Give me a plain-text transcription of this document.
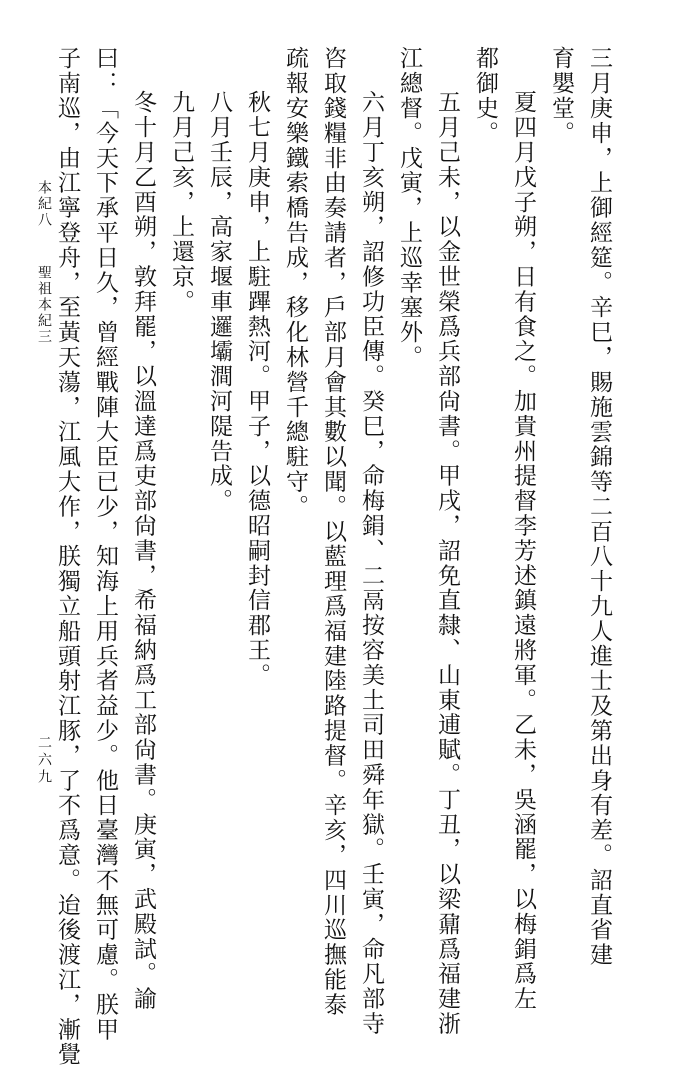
三月庚申，上御經筵。辛巳，賜施雲錦等二百八十九人進士及第出身有差。詔直省建
育嬰堂。
夏四月戊子朔，日有食之。加貴州提督李芳述鎮遠將軍。乙未，吳涵罷，以梅鋗爲左
都御史。
五月己未，以金世榮爲兵部尙書。甲戌，詔免直隸、山東逋賦。丁丑，以梁鼐爲福建浙
江總督。戊寅，上巡幸塞外。
六月丁亥朔，詔修功臣傳。癸巳，命梅鋗、二鬲按容美土司田舜年獄。壬寅，命凡部寺
咨取錢糧非由奏請者，戶部月會其數以聞。以藍理爲福建陸路提督。辛亥，四川巡撫能泰
疏報安樂鐵索橋告成，移化林營千總駐守。
秋七月庚申，上駐蹕熱河。甲子，以德昭嗣封信郡王。
八月壬辰，高家堰車邏壩澗河隄告成。
九月己亥，上還京。
冬十月乙酉朔，敦拜罷，以溫達爲吏部尙書，希福納爲工部尙書。庚寅，武殿試。諭
曰：「今天下承平日久，曾經戰陣大臣已少，知海上用兵者益少。他日臺灣不無可慮。朕甲
子南巡，由江寧登舟，至黃天蕩，江風大作，朕獨立船頭射江豚，了不爲意。迨後渡江，漸覺
本紀八
聖祖本紀三
二六九
